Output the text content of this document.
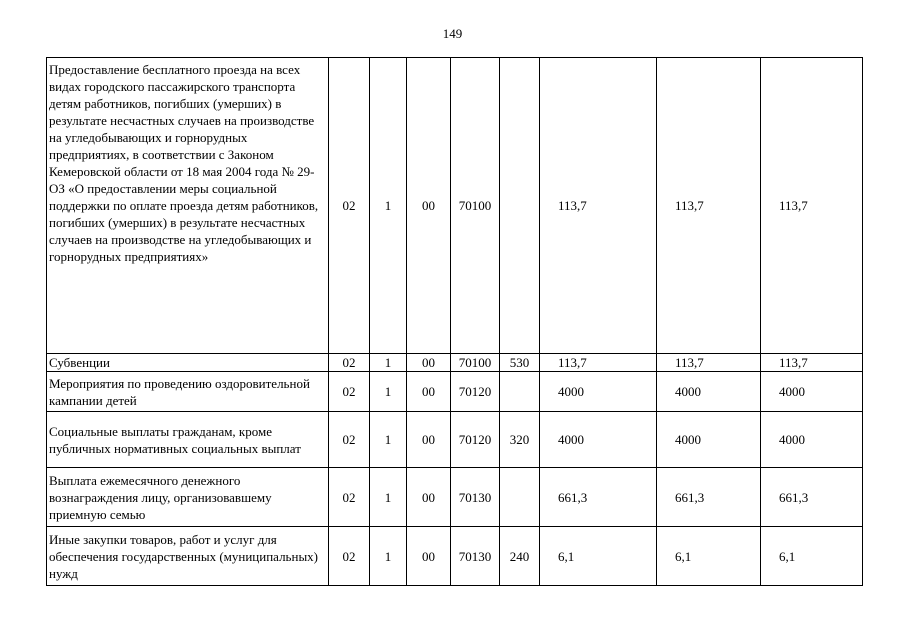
149
Предоставление бесплатного проезда на всех видах городского пассажирского транспорта детям работников, погибших (умерших) в результате несчастных случаев на производстве на угледобывающих и горнорудных предприятиях, в соответствии с Законом Кемеровской области от 18 мая 2004 года № 29-ОЗ «О предоставлении меры социальной поддержки по оплате проезда детям работников, погибших (умерших) в результате несчастных случаев на производстве на угледобывающих и горнорудных предприятиях»	02	1	00	70100		113,7	113,7	113,7
Субвенции	02	1	00	70100	530	113,7	113,7	113,7
Мероприятия по проведению оздоровительной кампании детей	02	1	00	70120		4000	4000	4000
Социальные выплаты гражданам, кроме публичных нормативных социальных выплат	02	1	00	70120	320	4000	4000	4000
Выплата ежемесячного денежного вознаграждения лицу, организовавшему приемную семью	02	1	00	70130		661,3	661,3	661,3
Иные закупки товаров, работ и услуг для обеспечения государственных (муниципальных) нужд	02	1	00	70130	240	6,1	6,1	6,1
